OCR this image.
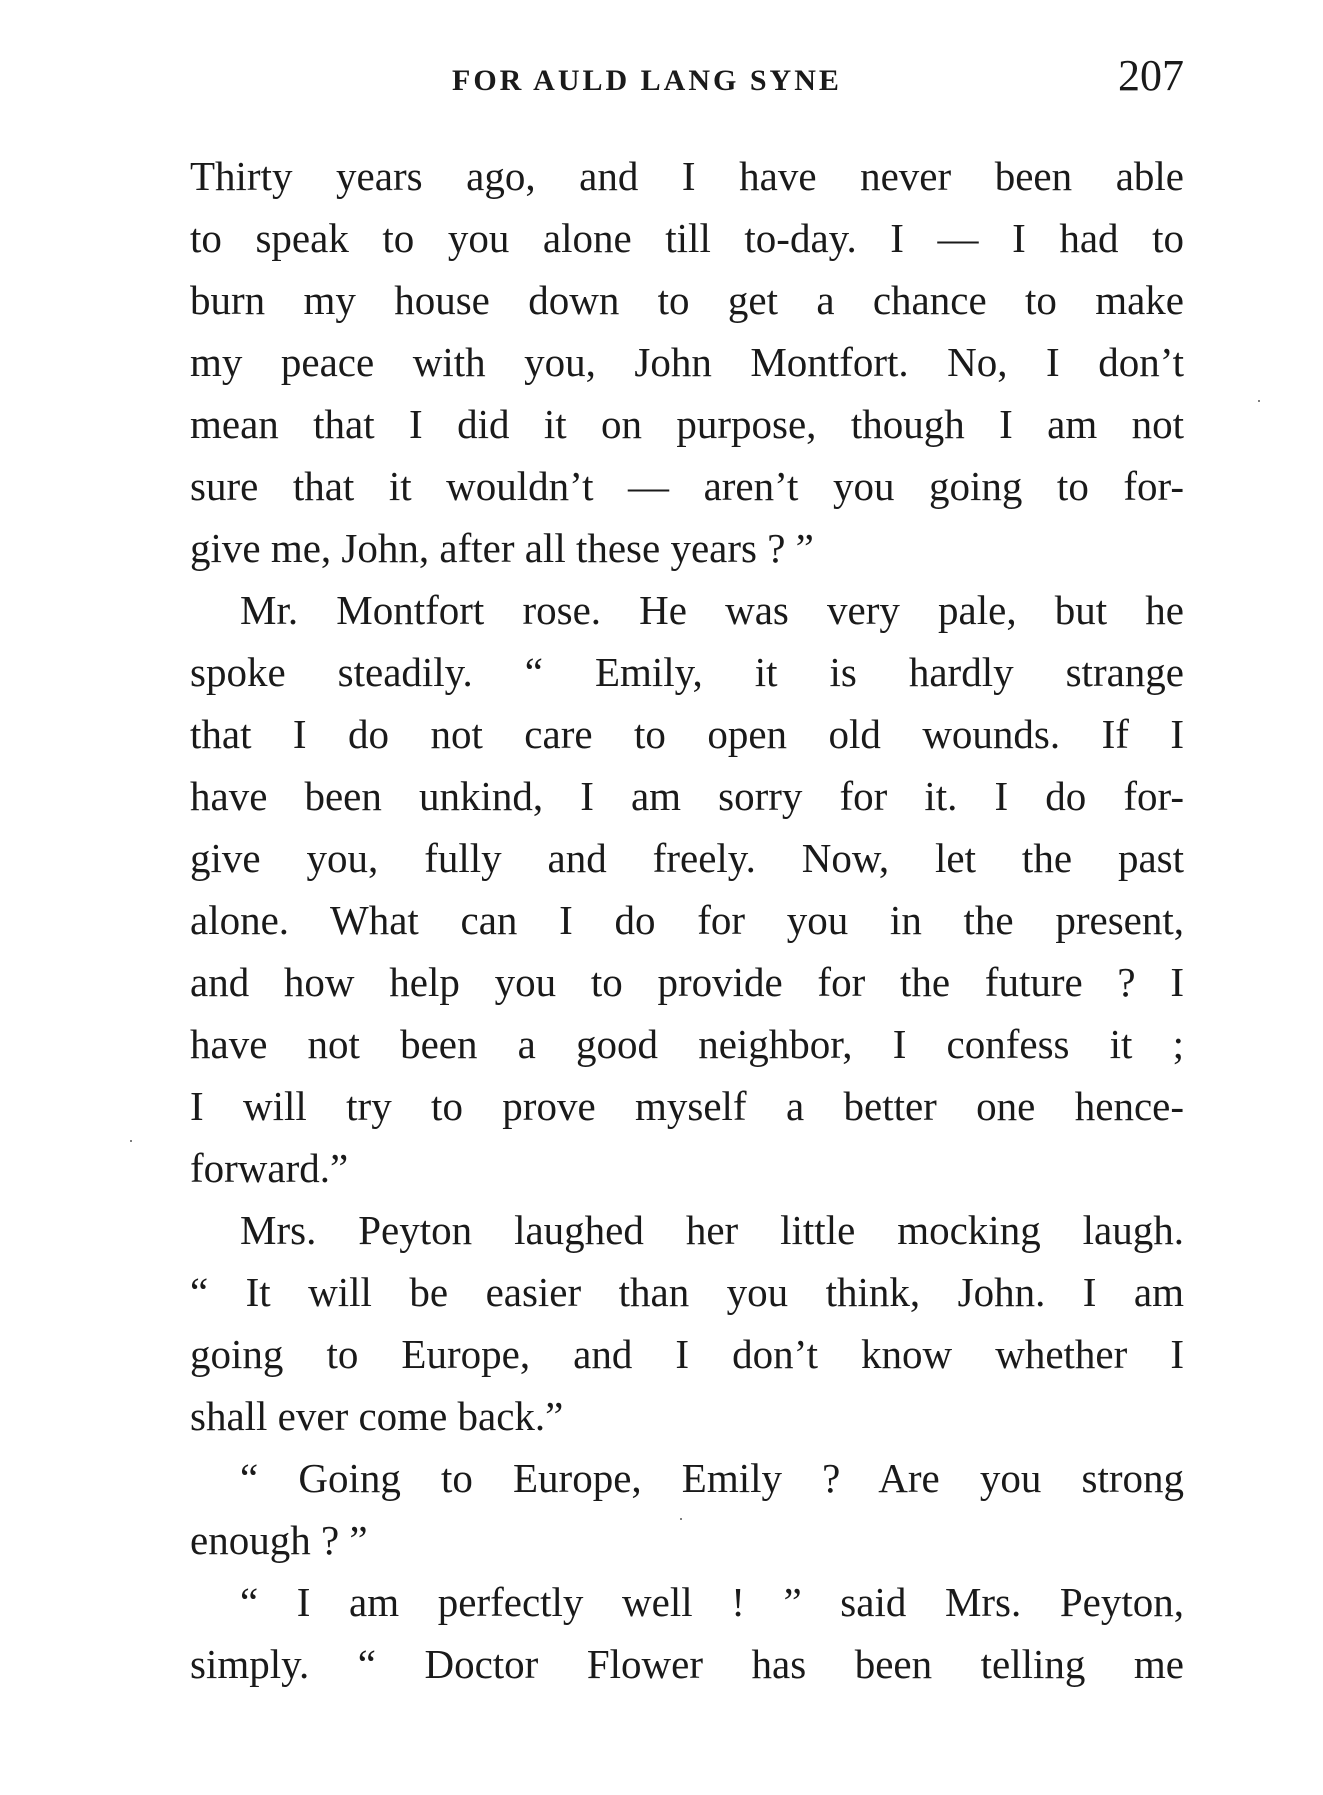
FOR AULD LANG SYNE	207
Thirty years ago, and I have never been able
to speak to you alone till to-day. I — I had to
burn my house down to get a chance to make
my peace with you, John Montfort. No, I don’t
mean that I did it on purpose, though I am not
sure that it wouldn’t — aren’t you going to for-
give me, John, after all these years ? ”
Mr. Montfort rose. He was very pale, but he
spoke steadily. “ Emily, it is hardly strange
that I do not care to open old wounds. If I
have been unkind, I am sorry for it. I do for-
give you, fully and freely. Now, let the past
alone. What can I do for you in the present,
and how help you to provide for the future ? I
have not been a good neighbor, I confess it ;
I will try to prove myself a better one hence-
forward.”
Mrs. Peyton laughed her little mocking laugh.
“ It will be easier than you think, John. I am
going to Europe, and I don’t know whether I
shall ever come back.”
“ Going to Europe, Emily ? Are you strong
enough ? ”
“ I am perfectly well ! ” said Mrs. Peyton,
simply. “ Doctor Flower has been telling me
